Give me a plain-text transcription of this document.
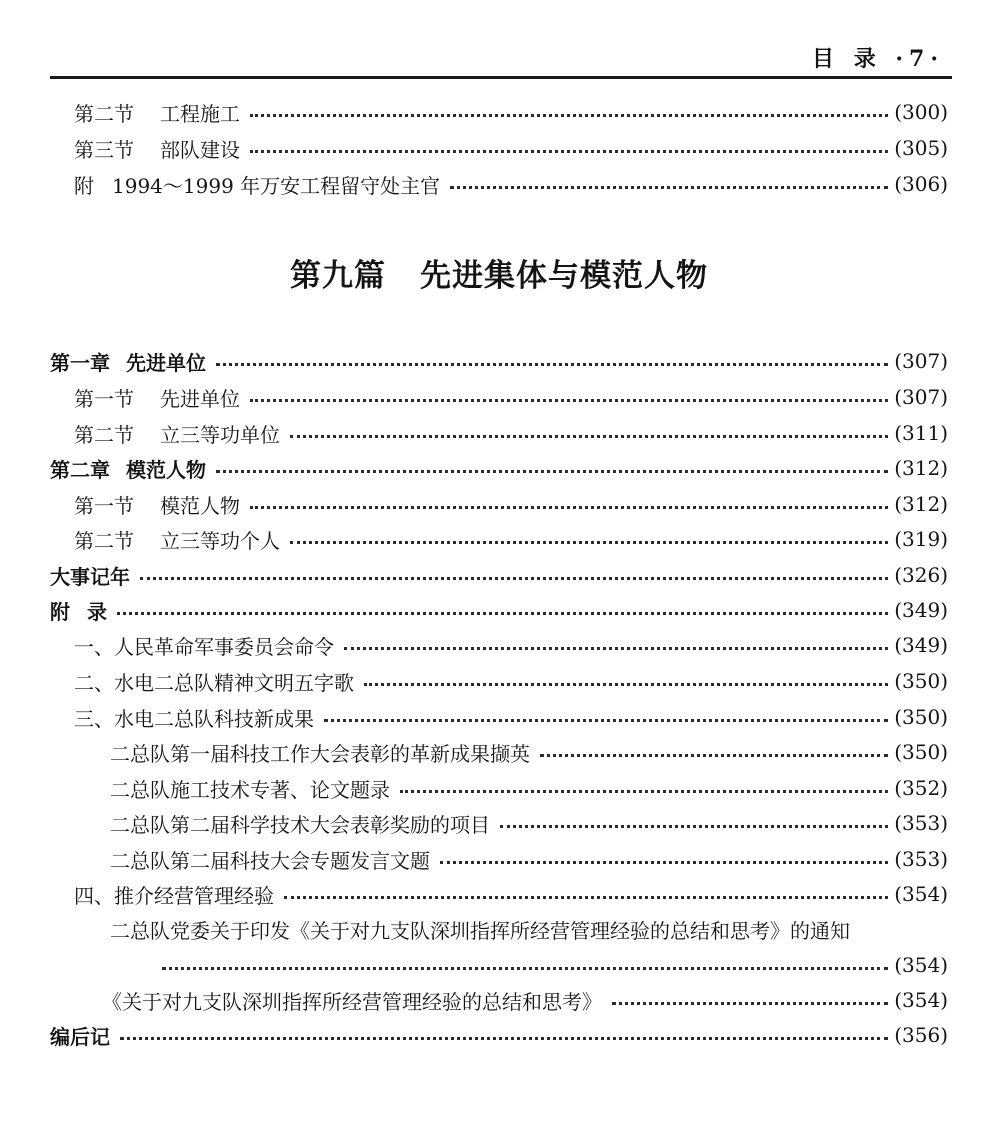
目 录 ·7·
第二节 工程施工	(300)
第三节 部队建设	(305)
附 1994～1999 年万安工程留守处主官	(306)
第九篇 先进集体与模范人物
第一章 先进单位	(307)
第一节 先进单位	(307)
第二节 立三等功单位	(311)
第二章 模范人物	(312)
第一节 模范人物	(312)
第二节 立三等功个人	(319)
大事记年	(326)
附 录	(349)
一、人民革命军事委员会命令	(349)
二、水电二总队精神文明五字歌	(350)
三、水电二总队科技新成果	(350)
二总队第一届科技工作大会表彰的革新成果撷英	(350)
二总队施工技术专著、论文题录	(352)
二总队第二届科学技术大会表彰奖励的项目	(353)
二总队第二届科技大会专题发言文题	(353)
四、推介经营管理经验	(354)
二总队党委关于印发《关于对九支队深圳指挥所经营管理经验的总结和思考》的通知
(354)
《关于对九支队深圳指挥所经营管理经验的总结和思考》	(354)
编后记	(356)
